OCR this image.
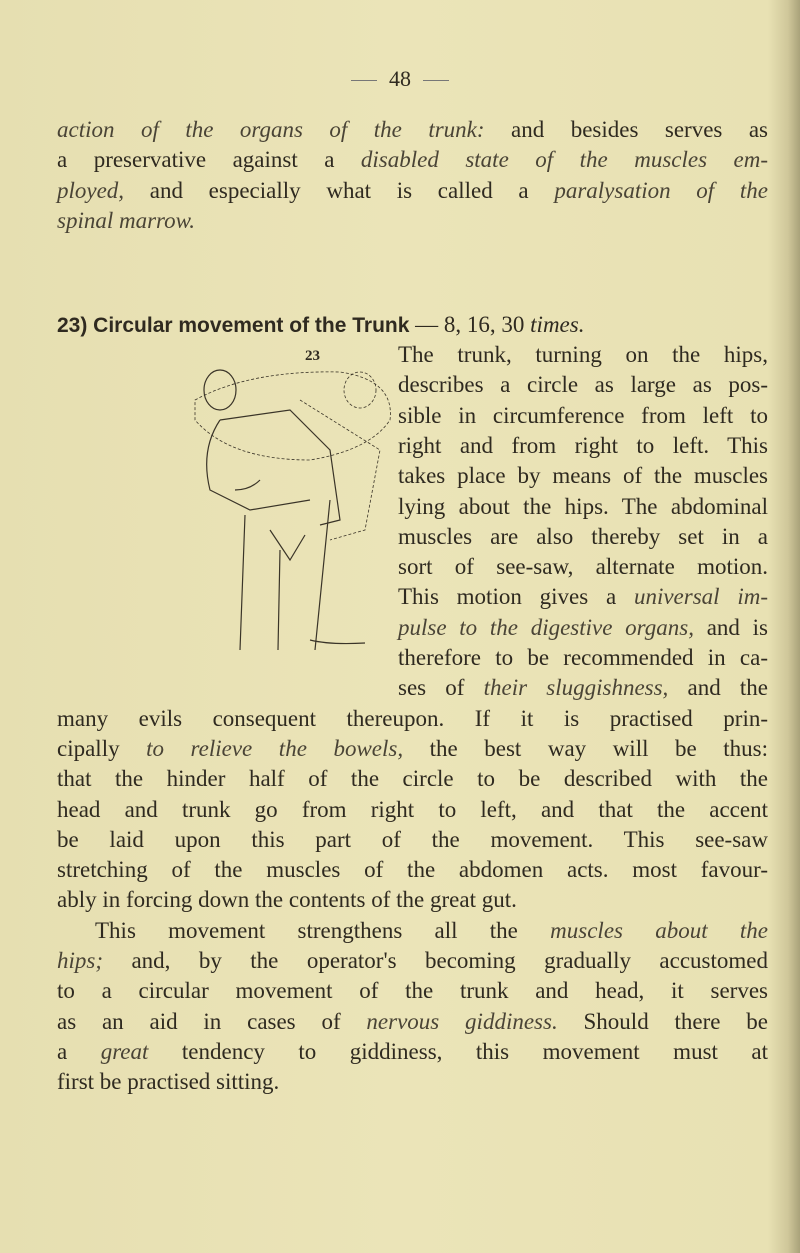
48
23) Circular movement of the Trunk — 8, 16, 30 times.
23
action of the organs of the trunk: and besides serves as
a preservative against a disabled state of the muscles em-
ployed, and especially what is called a paralysation of the
spinal marrow.
The trunk, turning on the hips,
describes a circle as large as pos-
sible in circumference from left to
right and from right to left. This
takes place by means of the muscles
lying about the hips. The abdominal
muscles are also thereby set in a
sort of see-saw, alternate motion.
This motion gives a universal im-
pulse to the digestive organs, and is
therefore to be recommended in ca-
ses of their sluggishness, and the
many evils consequent thereupon. If it is practised prin-
cipally to relieve the bowels, the best way will be thus:
that the hinder half of the circle to be described with the
head and trunk go from right to left, and that the accent
be laid upon this part of the movement. This see-saw
stretching of the muscles of the abdomen acts. most favour-
ably in forcing down the contents of the great gut.
This movement strengthens all the muscles about the
hips; and, by the operator's becoming gradually accustomed
to a circular movement of the trunk and head, it serves
as an aid in cases of nervous giddiness. Should there be
a great tendency to giddiness, this movement must at
first be practised sitting.
